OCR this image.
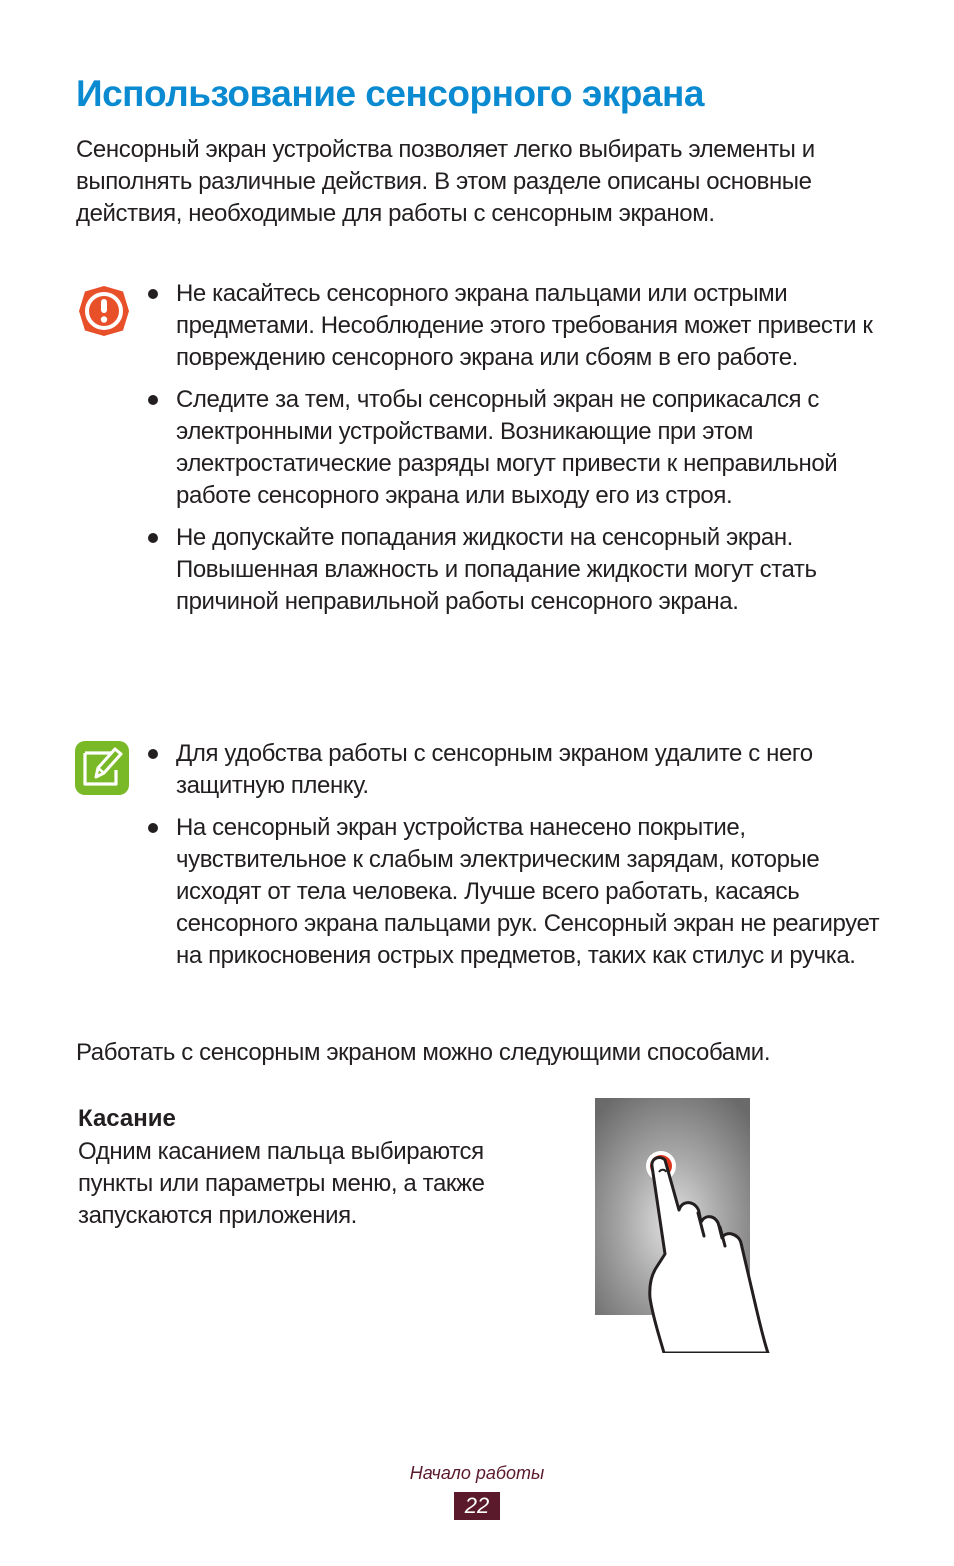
Использование сенсорного экрана

Сенсорный экран устройства позволяет легко выбирать элементы и выполнять различные действия. В этом разделе описаны основные действия, необходимые для работы с сенсорным экраном.

Не касайтесь сенсорного экрана пальцами или острыми предметами. Несоблюдение этого требования может привести к повреждению сенсорного экрана или сбоям в его работе.
Следите за тем, чтобы сенсорный экран не соприкасался с электронными устройствами. Возникающие при этом электростатические разряды могут привести к неправильной работе сенсорного экрана или выходу его из строя.
Не допускайте попадания жидкости на сенсорный экран. Повышенная влажность и попадание жидкости могут стать причиной неправильной работы сенсорного экрана.
Для удобства работы с сенсорным экраном удалите с него защитную пленку.
На сенсорный экран устройства нанесено покрытие, чувствительное к слабым электрическим зарядам, которые исходят от тела человека. Лучше всего работать, касаясь сенсорного экрана пальцами рук. Сенсорный экран не реагирует на прикосновения острых предметов, таких как стилус и ручка.

Работать с сенсорным экраном можно следующими способами.

Касание

Одним касанием пальца выбираются пункты или параметры меню, а также запускаются приложения.

Начало работы
22
